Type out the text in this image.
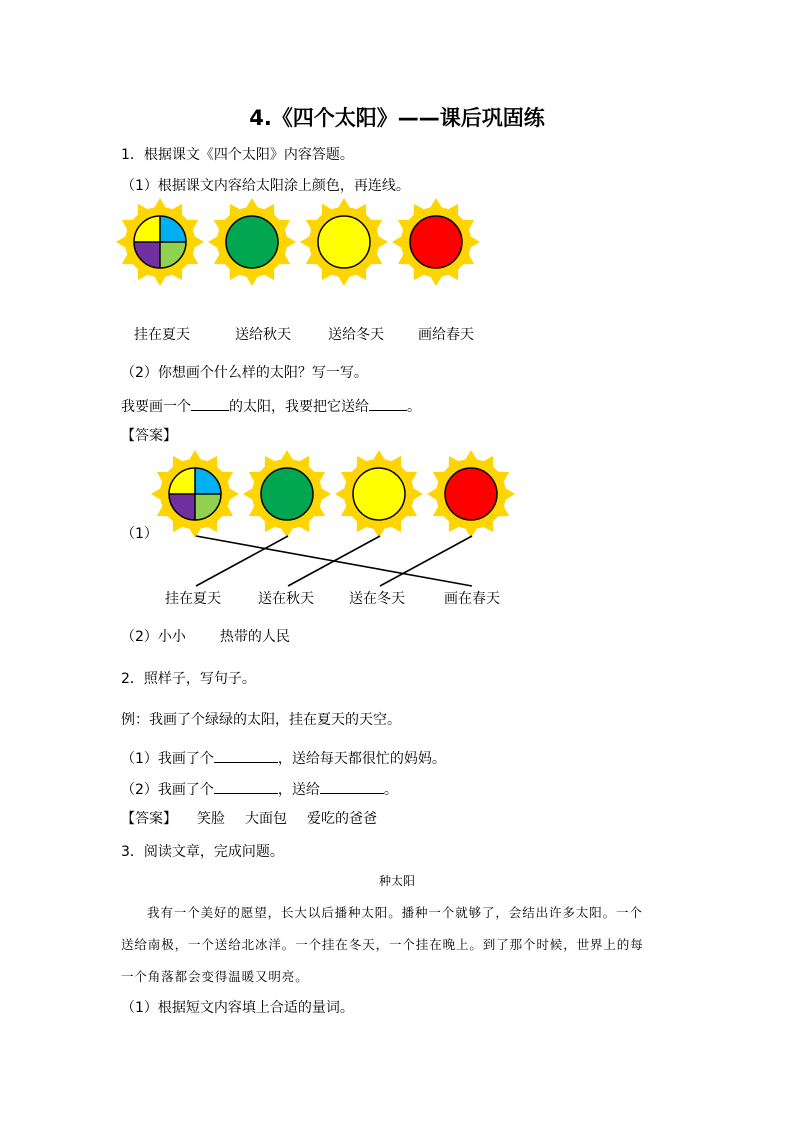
4.《四个太阳》——课后巩固练
1．根据课文《四个太阳》内容答题。
（1）根据课文内容给太阳涂上颜色，再连线。
挂在夏天	送给秋天	送给冬天 画给春天
（2）你想画个什么样的太阳？写一写。
我要画一个	的太阳，我要把它送给	。
【答案】
（1）
挂在夏天	送在秋天	送在冬天	画在春天
（2）小小 热带的人民
2．照样子，写句子。
例：我画了个绿绿的太阳，挂在夏天的天空。
（1）我画了个	，送给每天都很忙的妈妈。
（2）我画了个	，送给	。
【答案】 笑脸 大面包 爱吃的爸爸
3．阅读文章，完成问题。
种太阳
我有一个美好的愿望，长大以后播种太阳。播种一个就够了，会结出许多太阳。一个
送给南极，一个送给北冰洋。一个挂在冬天，一个挂在晚上。到了那个时候，世界上的每
一个角落都会变得温暖又明亮。
（1）根据短文内容填上合适的量词。
